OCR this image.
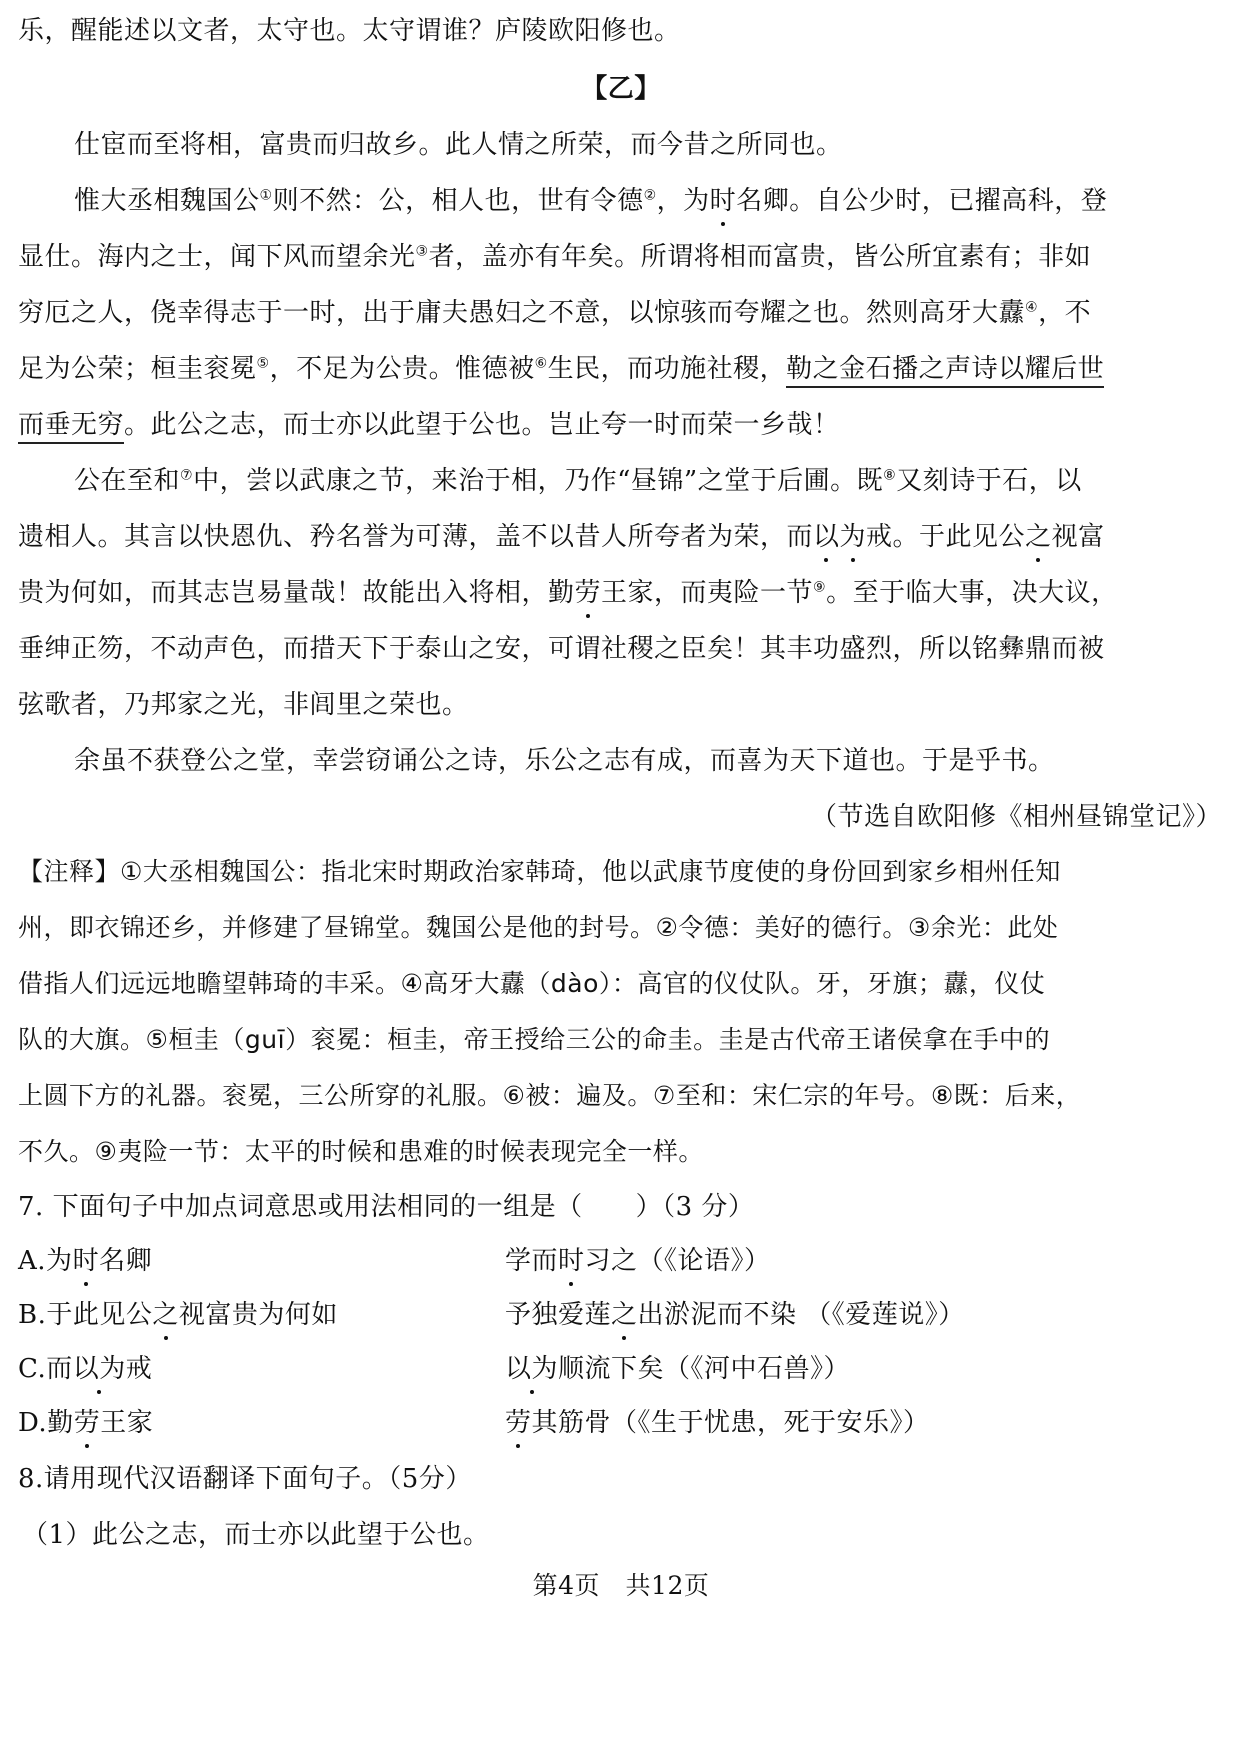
乐，醒能述以文者，太守也。太守谓谁？庐陵欧阳修也。
【乙】
仕宦而至将相，富贵而归故乡。此人情之所荣，而今昔之所同也。
惟大丞相魏国公①则不然：公，相人也，世有令德②，为时名卿。自公少时，已擢高科，登
显仕。海内之士，闻下风而望余光③者，盖亦有年矣。所谓将相而富贵，皆公所宜素有；非如
穷厄之人，侥幸得志于一时，出于庸夫愚妇之不意，以惊骇而夸耀之也。然则高牙大纛④，不
足为公荣；桓圭衮冕⑤，不足为公贵。惟德被⑥生民，而功施社稷，勒之金石播之声诗以耀后世
而垂无穷。此公之志，而士亦以此望于公也。岂止夸一时而荣一乡哉！
公在至和⑦中，尝以武康之节，来治于相，乃作“昼锦”之堂于后圃。既⑧又刻诗于石，以
遗相人。其言以快恩仇、矜名誉为可薄，盖不以昔人所夸者为荣，而以为戒。于此见公之视富
贵为何如，而其志岂易量哉！故能出入将相，勤劳王家，而夷险一节⑨。至于临大事，决大议，
垂绅正笏，不动声色，而措天下于泰山之安，可谓社稷之臣矣！其丰功盛烈，所以铭彝鼎而被
弦歌者，乃邦家之光，非闾里之荣也。
余虽不获登公之堂，幸尝窃诵公之诗，乐公之志有成，而喜为天下道也。于是乎书。
（节选自欧阳修《相州昼锦堂记》）
【注释】①大丞相魏国公：指北宋时期政治家韩琦，他以武康节度使的身份回到家乡相州任知
州，即衣锦还乡，并修建了昼锦堂。魏国公是他的封号。②令德：美好的德行。③余光：此处
借指人们远远地瞻望韩琦的丰采。④高牙大纛（dào）：高官的仪仗队。牙，牙旗；纛，仪仗
队的大旗。⑤桓圭（guī）衮冕：桓圭，帝王授给三公的命圭。圭是古代帝王诸侯拿在手中的
上圆下方的礼器。衮冕，三公所穿的礼服。⑥被：遍及。⑦至和：宋仁宗的年号。⑧既：后来，
不久。⑨夷险一节：太平的时候和患难的时候表现完全一样。
7. 下面句子中加点词意思或用法相同的一组是（　　）（3 分）
A.为时名卿	学而时习之（《论语》）
B.于此见公之视富贵为何如	予独爱莲之出淤泥而不染 （《爱莲说》）
C.而以为戒	以为顺流下矣（《河中石兽》）
D.勤劳王家	劳其筋骨（《生于忧患，死于安乐》）
8.请用现代汉语翻译下面句子。（5分）
（1）此公之志，而士亦以此望于公也。
第4页　共12页
